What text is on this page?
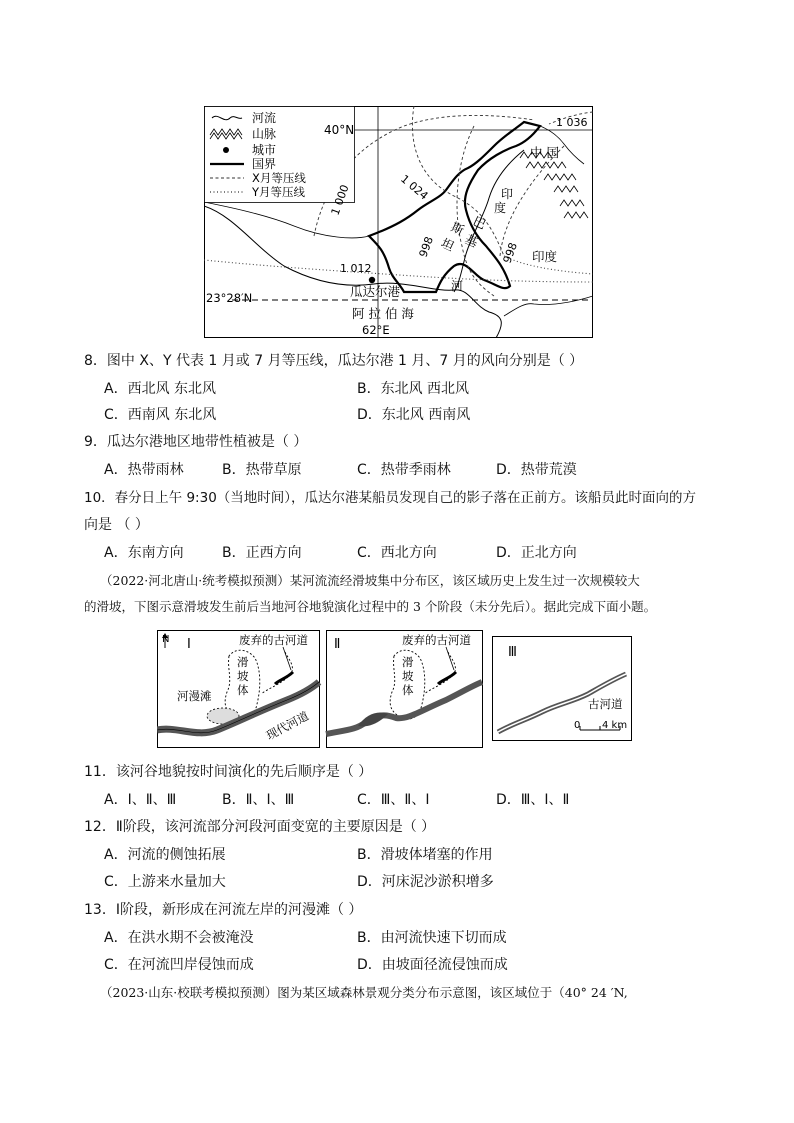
河流
山脉
城市
国界
X月等压线
Y月等压线
40°N
1 036
1 024
1 000
998	998
1 012
中 国
印度
瓜达尔港
印
度
河
巴
基
斯
坦
23°28′N
阿 拉 伯 海
62°E
8．图中 X、Y 代表 1 月或 7 月等压线，瓜达尔港 1 月、7 月的风向分别是（ ）
A．西北风 东北风	B．东北风 西北风
C．西南风 东北风	D．东北风 西南风
9．瓜达尔港地区地带性植被是（ ）
A．热带雨林	B．热带草原	C．热带季雨林	D．热带荒漠
10．春分日上午 9:30（当地时间），瓜达尔港某船员发现自己的影子落在正前方。该船员此时面向的方
向是 （ ）
A．东南方向	B．正西方向	C．西北方向	D．正北方向
（2022·河北唐山·统考模拟预测）某河流流经滑坡集中分布区，该区域历史上发生过一次规模较大
的滑坡，下图示意滑坡发生前后当地河谷地貌演化过程中的 3 个阶段（未分先后）。据此完成下面小题。
N Ⅰ	废弃的古河道
滑
坡
体
河漫滩
现代河道
Ⅱ	废弃的古河道
滑
坡
体
Ⅲ
古河道
0 4 km
11．该河谷地貌按时间演化的先后顺序是（ ）
A．Ⅰ、Ⅱ、Ⅲ	B．Ⅱ、Ⅰ、Ⅲ	C．Ⅲ、Ⅱ、Ⅰ	D．Ⅲ、Ⅰ、Ⅱ
12．Ⅱ阶段，该河流部分河段河面变宽的主要原因是（ ）
A．河流的侧蚀拓展	B．滑坡体堵塞的作用
C．上游来水量加大	D．河床泥沙淤积增多
13．Ⅰ阶段，新形成在河流左岸的河漫滩（ ）
A．在洪水期不会被淹没	B．由河流快速下切而成
C．在河流凹岸侵蚀而成	D．由坡面径流侵蚀而成
（2023·山东·校联考模拟预测）图为某区域森林景观分类分布示意图，该区域位于（40° 24 ′N,
